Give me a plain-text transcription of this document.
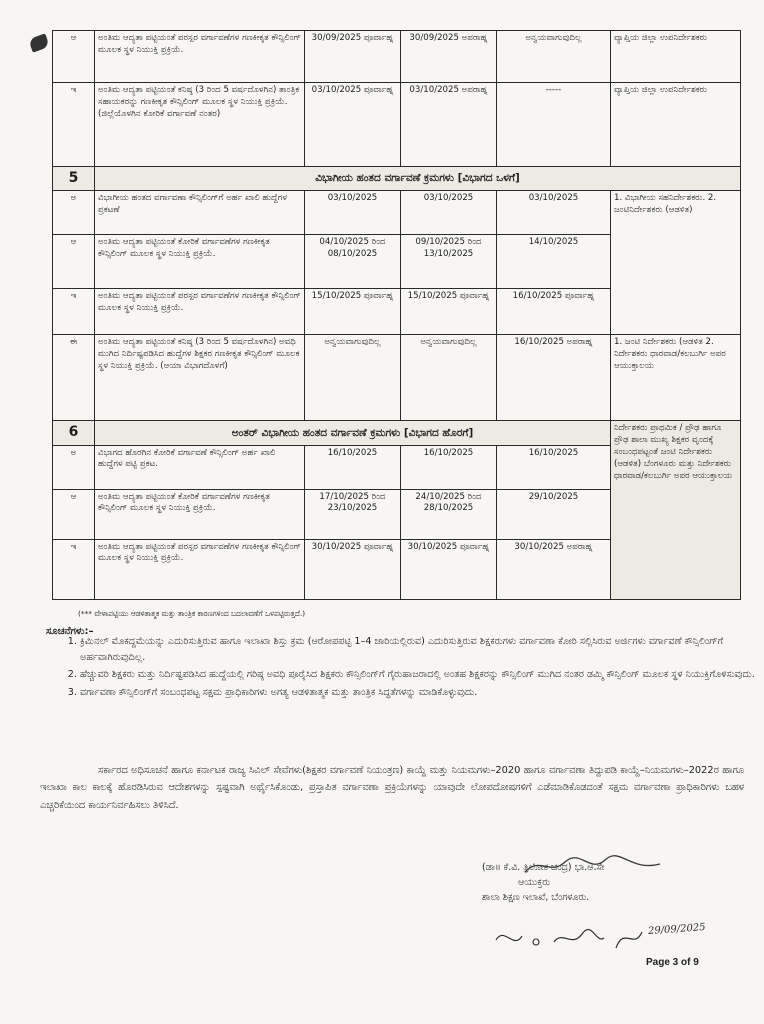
ಆ	ಅಂತಿಮ ಆದ್ಯತಾ ಪಟ್ಟಿಯಂತೆ ಪರಸ್ಪರ ವರ್ಗಾವಣೆಗಳ ಗಣಕೀಕೃತ ಕೌನ್ಸಿಲಿಂಗ್ ಮೂಲಕ ಸ್ಥಳ ನಿಯುಕ್ತಿ ಪ್ರಕ್ರಿಯೆ.	30/09/2025 ಪೂರ್ವಾಹ್ನ	30/09/2025 ಅಪರಾಹ್ನ	ಅನ್ವಯವಾಗುವುದಿಲ್ಲ	ವ್ಯಾಪ್ತಿಯ ಜಿಲ್ಲಾ ಉಪನಿರ್ದೇಶಕರು
ಇ	ಅಂತಿಮ ಆದ್ಯತಾ ಪಟ್ಟಿಯಂತೆ ಕನಿಷ್ಠ (3 ರಿಂದ 5 ವರ್ಷದೊಳಗಿನ) ತಾಂತ್ರಿಕ ಸಹಾಯಕರನ್ನು ಗಣಕೀಕೃತ ಕೌನ್ಸಿಲಿಂಗ್ ಮೂಲಕ ಸ್ಥಳ ನಿಯುಕ್ತಿ ಪ್ರಕ್ರಿಯೆ. (ಜಿಲ್ಲೆಯೊಳಗಿನ ಕೋರಿಕೆ ವರ್ಗಾವಣೆ ನಂತರ)	03/10/2025 ಪೂರ್ವಾಹ್ನ	03/10/2025 ಅಪರಾಹ್ನ	-----	ವ್ಯಾಪ್ತಿಯ ಜಿಲ್ಲಾ ಉಪನಿರ್ದೇಶಕರು
5	ವಿಭಾಗೀಯ ಹಂತದ ವರ್ಗಾವಣೆ ಕ್ರಮಗಳು [ವಿಭಾಗದ ಒಳಗೆ]				
ಅ	ವಿಭಾಗೀಯ ಹಂತದ ವರ್ಗಾವಣಾ ಕೌನ್ಸಿಲಿಂಗ್‌ಗೆ ಅರ್ಹ ಖಾಲಿ ಹುದ್ದೆಗಳ ಪ್ರಕಟಣೆ	03/10/2025	03/10/2025	03/10/2025	1. ವಿಭಾಗೀಯ ಸಹನಿರ್ದೇಶಕರು. 2. ಜಂಟಿನಿರ್ದೇಶಕರು (ಆಡಳಿತ)
ಆ	ಅಂತಿಮ ಆದ್ಯತಾ ಪಟ್ಟಿಯಂತೆ ಕೋರಿಕೆ ವರ್ಗಾವಣೆಗಳ ಗಣಕೀಕೃತ ಕೌನ್ಸಿಲಿಂಗ್ ಮೂಲಕ ಸ್ಥಳ ನಿಯುಕ್ತಿ ಪ್ರಕ್ರಿಯೆ.	04/10/2025 ರಿಂದ 08/10/2025	09/10/2025 ರಿಂದ 13/10/2025	14/10/2025	
ಇ	ಅಂತಿಮ ಆದ್ಯತಾ ಪಟ್ಟಿಯಂತೆ ಪರಸ್ಪರ ವರ್ಗಾವಣೆಗಳ ಗಣಕೀಕೃತ ಕೌನ್ಸಿಲಿಂಗ್ ಮೂಲಕ ಸ್ಥಳ ನಿಯುಕ್ತಿ ಪ್ರಕ್ರಿಯೆ.	15/10/2025 ಪೂರ್ವಾಹ್ನ	15/10/2025 ಪೂರ್ವಾಹ್ನ	16/10/2025 ಪೂರ್ವಾಹ್ನ	
ಈ	ಅಂತಿಮ ಆದ್ಯತಾ ಪಟ್ಟಿಯಂತೆ ಕನಿಷ್ಠ (3 ರಿಂದ 5 ವರ್ಷದೊಳಗಿನ) ಅವಧಿ ಮುಗಿದ ನಿರ್ದಿಷ್ಟಪಡಿಸಿದ ಹುದ್ದೆಗಳ ಶಿಕ್ಷಕರ ಗಣಕೀಕೃತ ಕೌನ್ಸಿಲಿಂಗ್ ಮೂಲಕ ಸ್ಥಳ ನಿಯುಕ್ತಿ ಪ್ರಕ್ರಿಯೆ. (ಆಯಾ ವಿಭಾಗದೊಳಗೆ)	ಅನ್ವಯವಾಗುವುದಿಲ್ಲ	ಅನ್ವಯವಾಗುವುದಿಲ್ಲ	16/10/2025 ಅಪರಾಹ್ನ	1. ಜಂಟಿ ನಿರ್ದೇಶಕರು (ಆಡಳಿತ 2. ನಿರ್ದೇಶಕರು ಧಾರವಾಡ/ಕಲಬುರ್ಗಿ ಅಪರ ಆಯುಕ್ತಾಲಯ
6	ಅಂತರ್ ವಿಭಾಗೀಯ ಹಂತದ ವರ್ಗಾವಣೆ ಕ್ರಮಗಳು [ವಿಭಾಗದ ಹೊರಗೆ]				ನಿರ್ದೇಶಕರು ಪ್ರಾಥಮಿಕ / ಪ್ರೌಢ ಹಾಗೂ ಪ್ರೌಢ ಶಾಲಾ ಮುಖ್ಯ ಶಿಕ್ಷಕರ ವೃಂದಕ್ಕೆ ಸಂಬಂಧಪಟ್ಟಂತೆ ಜಂಟಿ ನಿರ್ದೇಶಕರು (ಆಡಳಿತ) ಬೆಂಗಳೂರು ಮತ್ತು ನಿರ್ದೇಶಕರು ಧಾರವಾಡ/ಕಲಬುರ್ಗಿ ಅಪರ ಆಯುಕ್ತಾಲಯ
ಅ	ವಿಭಾಗದ ಹೊರಗಿನ ಕೋರಿಕೆ ವರ್ಗಾವಣೆ ಕೌನ್ಸಿಲಿಂಗ್ ಅರ್ಹ ಖಾಲಿ ಹುದ್ದೆಗಳ ಪಟ್ಟಿ ಪ್ರಕಟ.	16/10/2025	16/10/2025	16/10/2025	
ಆ	ಅಂತಿಮ ಆದ್ಯತಾ ಪಟ್ಟಿಯಂತೆ ಕೋರಿಕೆ ವರ್ಗಾವಣೆಗಳ ಗಣಕೀಕೃತ ಕೌನ್ಸಿಲಿಂಗ್ ಮೂಲಕ ಸ್ಥಳ ನಿಯುಕ್ತಿ ಪ್ರಕ್ರಿಯೆ.	17/10/2025 ರಿಂದ 23/10/2025	24/10/2025 ರಿಂದ 28/10/2025	29/10/2025	
ಇ	ಅಂತಿಮ ಆದ್ಯತಾ ಪಟ್ಟಿಯಂತೆ ಪರಸ್ಪರ ವರ್ಗಾವಣೆಗಳ ಗಣಕೀಕೃತ ಕೌನ್ಸಿಲಿಂಗ್ ಮೂಲಕ ಸ್ಥಳ ನಿಯುಕ್ತಿ ಪ್ರಕ್ರಿಯೆ.	30/10/2025 ಪೂರ್ವಾಹ್ನ	30/10/2025 ಪೂರ್ವಾಹ್ನ	30/10/2025 ಅಪರಾಹ್ನ	
(*** ವೇಳಾಪಟ್ಟಿಯು ಆಡಳಿತಾತ್ಮಕ ಮತ್ತು ತಾಂತ್ರಿಕ ಕಾರಣಗಳಿಂದ ಬದಲಾವಣೆಗೆ ಒಳಪಟ್ಟಿರುತ್ತದೆ.)
ಸೂಚನೆಗಳು:–
1. ಕ್ರಿಮಿನಲ್ ಮೊಕದ್ದಮೆಯನ್ನು ಎದುರಿಸುತ್ತಿರುವ ಹಾಗೂ ಇಲಾಖಾ ಶಿಸ್ತು ಕ್ರಮ (ಆರೋಪಪಟ್ಟಿ 1–4 ಜಾರಿಯಲ್ಲಿರುವ) ಎದುರಿಸುತ್ತಿರುವ ಶಿಕ್ಷಕರುಗಳು ವರ್ಗಾವಣಾ ಕೋರಿ ಸಲ್ಲಿಸಿರುವ ಅರ್ಜಿಗಳು ವರ್ಗಾವಣೆ ಕೌನ್ಸಿಲಿಂಗ್‌ಗೆ ಅರ್ಹವಾಗಿರುವುದಿಲ್ಲ.
2. ಹೆಚ್ಚುವರಿ ಶಿಕ್ಷಕರು ಮತ್ತು ನಿರ್ದಿಷ್ಟಪಡಿಸಿದ ಹುದ್ದೆಯಲ್ಲಿ ಗರಿಷ್ಠ ಅವಧಿ ಪೂರೈಸಿದ ಶಿಕ್ಷಕರು ಕೌನ್ಸಿಲಿಂಗ್‌ಗೆ ಗೈರುಹಾಜರಾದಲ್ಲಿ ಅಂತಹ ಶಿಕ್ಷಕರನ್ನು ಕೌನ್ಸಿಲಿಂಗ್ ಮುಗಿದ ನಂತರ ಡಮ್ಮಿ ಕೌನ್ಸಿಲಿಂಗ್ ಮೂಲಕ ಸ್ಥಳ ನಿಯುಕ್ತಿಗೊಳಿಸುವುದು.
3. ವರ್ಗಾವಣಾ ಕೌನ್ಸಿಲಿಂಗ್‌ಗೆ ಸಂಬಂಧಪಟ್ಟ ಸಕ್ಷಮ ಪ್ರಾಧಿಕಾರಿಗಳು ಅಗತ್ಯ ಆಡಳಿತಾತ್ಮಕ ಮತ್ತು ತಾಂತ್ರಿಕ ಸಿದ್ಧತೆಗಳನ್ನು ಮಾಡಿಕೊಳ್ಳುವುದು.

ಸರ್ಕಾರದ ಅಧಿಸೂಚನೆ ಹಾಗೂ ಕರ್ನಾಟಕ ರಾಜ್ಯ ಸಿವಿಲ್ ಸೇವೆಗಳು(ಶಿಕ್ಷಕರ ವರ್ಗಾವಣೆ ನಿಯಂತ್ರಣ) ಕಾಯ್ದೆ ಮತ್ತು ನಿಯಮಗಳು–2020 ಹಾಗೂ ವರ್ಗಾವಣಾ ತಿದ್ದುಪಡಿ ಕಾಯ್ದೆ–ನಿಯಮಗಳು–2022ರ ಹಾಗೂ ಇಲಾಖಾ ಕಾಲ ಕಾಲಕ್ಕೆ ಹೊರಡಿಸಿರುವ ಆದೇಶಗಳನ್ನು ಸ್ಪಷ್ಟವಾಗಿ ಅರ್ಥೈಸಿಕೊಂಡು, ಪ್ರಸ್ತಾಪಿತ ವರ್ಗಾವಣಾ ಪ್ರಕ್ರಿಯೆಗಳನ್ನು ಯಾವುದೇ ಲೋಪದೋಷಗಳಿಗೆ ಎಡೆಮಾಡಿಕೊಡದಂತೆ ಸಕ್ಷಮ ವರ್ಗಾವಣಾ ಪ್ರಾಧಿಕಾರಿಗಳು ಬಹಳ ಎಚ್ಚರಿಕೆಯಿಂದ ಕಾರ್ಯನಿರ್ವಹಿಸಲು ತಿಳಿಸಿದೆ.

(ಡಾ॥ ಕೆ.ವಿ. ತ್ರಿಲೋಕ ಚಂದ್ರ) ಭಾ.ಆ.ಸೇ
ಆಯುಕ್ತರು
ಶಾಲಾ ಶಿಕ್ಷಣ ಇಲಾಖೆ, ಬೆಂಗಳೂರು.
29/09/2025
Page 3 of 9
